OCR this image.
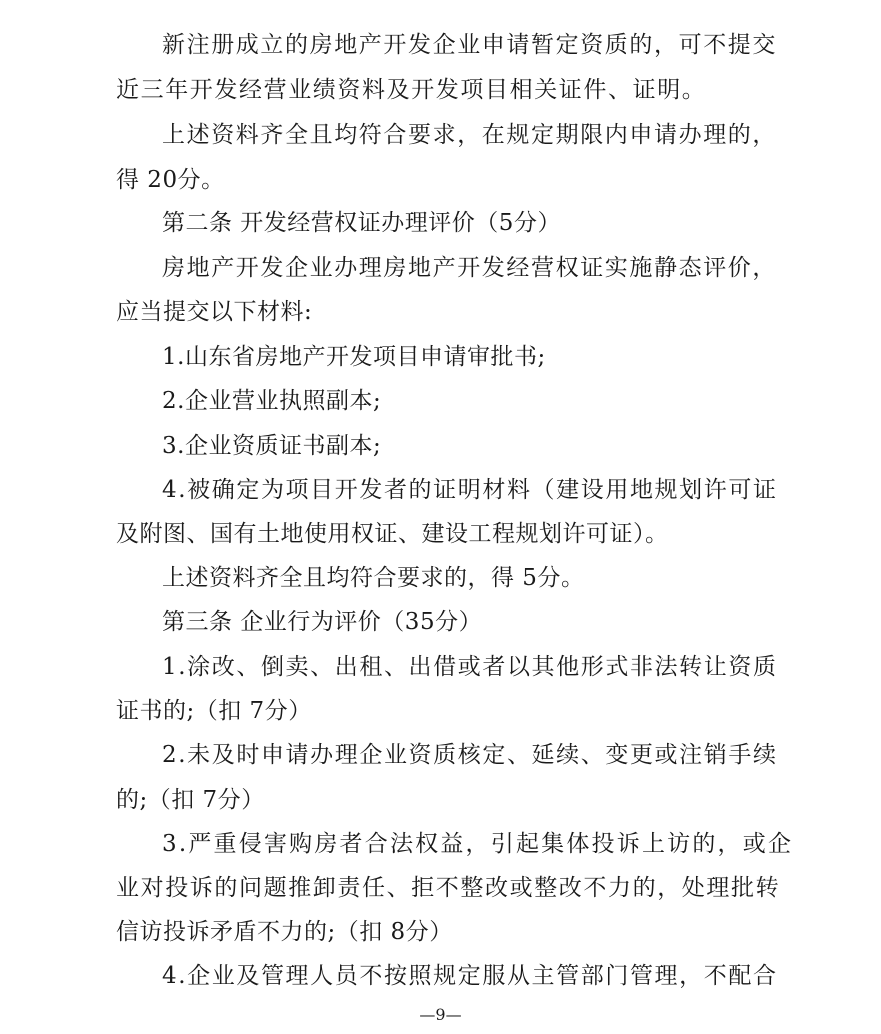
新注册成立的房地产开发企业申请暂定资质的，可不提交
近三年开发经营业绩资料及开发项目相关证件、证明。
上述资料齐全且均符合要求，在规定期限内申请办理的，
得 20分。
第二条 开发经营权证办理评价（5分）
房地产开发企业办理房地产开发经营权证实施静态评价，
应当提交以下材料:
1.山东省房地产开发项目申请审批书;
2.企业营业执照副本;
3.企业资质证书副本;
4.被确定为项目开发者的证明材料（建设用地规划许可证
及附图、国有土地使用权证、建设工程规划许可证）。
上述资料齐全且均符合要求的，得 5分。
第三条 企业行为评价（35分）
1.涂改、倒卖、出租、出借或者以其他形式非法转让资质
证书的;（扣 7分）
2.未及时申请办理企业资质核定、延续、变更或注销手续
的;（扣 7分）
3.严重侵害购房者合法权益，引起集体投诉上访的，或企
业对投诉的问题推卸责任、拒不整改或整改不力的，处理批转
信访投诉矛盾不力的;（扣 8分）
4.企业及管理人员不按照规定服从主管部门管理，不配合
—9—
